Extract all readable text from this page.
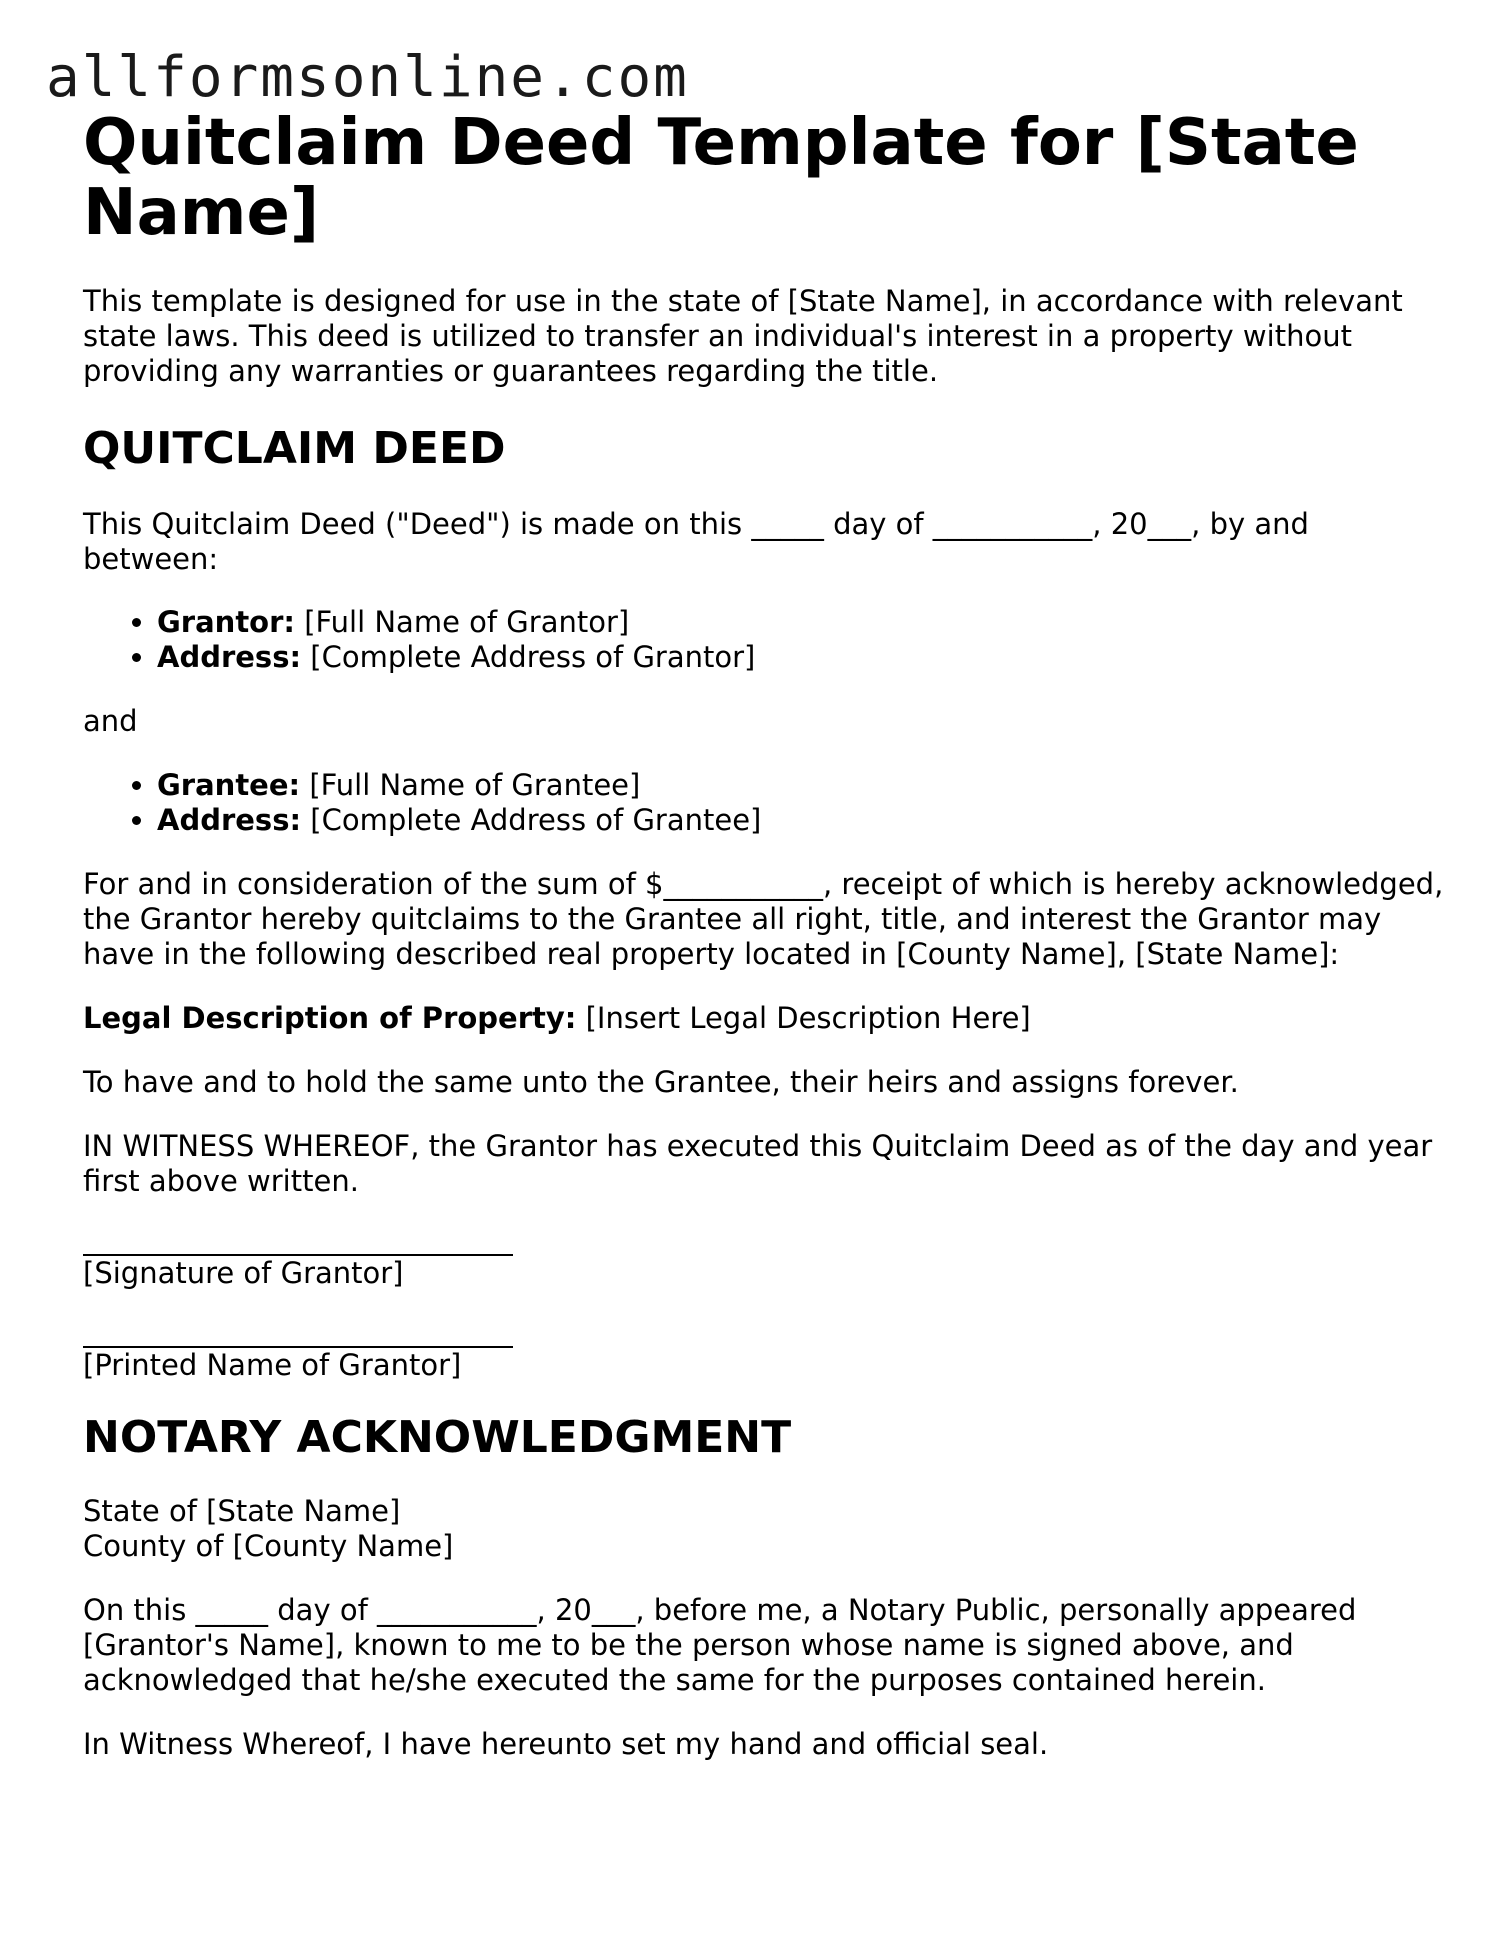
allformsonline.com
Quitclaim Deed Template for [State Name]

This template is designed for use in the state of [State Name], in accordance with relevant state laws. This deed is utilized to transfer an individual's interest in a property without providing any warranties or guarantees regarding the title.

QUITCLAIM DEED

This Quitclaim Deed ("Deed") is made on this _____ day of ___________, 20___, by and between:

• Grantor: [Full Name of Grantor]
• Address: [Complete Address of Grantor]

and

• Grantee: [Full Name of Grantee]
• Address: [Complete Address of Grantee]

For and in consideration of the sum of $___________, receipt of which is hereby acknowledged, the Grantor hereby quitclaims to the Grantee all right, title, and interest the Grantor may have in the following described real property located in [County Name], [State Name]:

Legal Description of Property: [Insert Legal Description Here]

To have and to hold the same unto the Grantee, their heirs and assigns forever.

IN WITNESS WHEREOF, the Grantor has executed this Quitclaim Deed as of the day and year first above written.

[Signature of Grantor]

[Printed Name of Grantor]

NOTARY ACKNOWLEDGMENT

State of [State Name]

County of [County Name]

On this _____ day of ___________, 20___, before me, a Notary Public, personally appeared [Grantor's Name], known to me to be the person whose name is signed above, and acknowledged that he/she executed the same for the purposes contained herein.

In Witness Whereof, I have hereunto set my hand and official seal.
